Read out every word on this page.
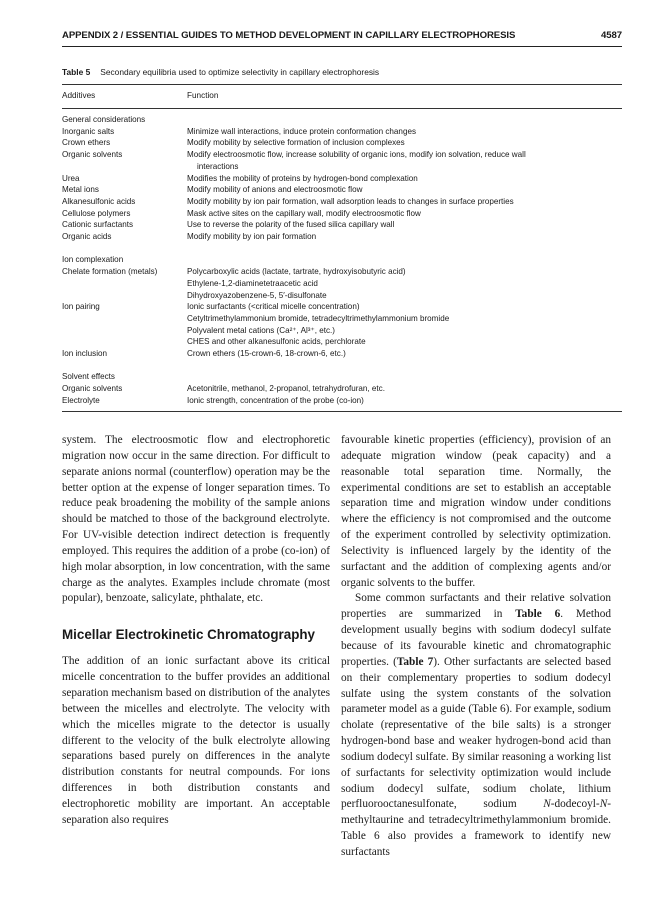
APPENDIX 2 / ESSENTIAL GUIDES TO METHOD DEVELOPMENT IN CAPILLARY ELECTROPHORESIS	4587
Table 5 Secondary equilibria used to optimize selectivity in capillary electrophoresis
Additives	Function
General considerations
Inorganic salts	Minimize wall interactions, induce protein conformation changes
Crown ethers	Modify mobility by selective formation of inclusion complexes
Organic solvents	Modify electroosmotic flow, increase solubility of organic ions, modify ion solvation, reduce wall
interactions
Urea	Modifies the mobility of proteins by hydrogen-bond complexation
Metal ions	Modify mobility of anions and electroosmotic flow
Alkanesulfonic acids	Modify mobility by ion pair formation, wall adsorption leads to changes in surface properties
Cellulose polymers	Mask active sites on the capillary wall, modify electroosmotic flow
Cationic surfactants	Use to reverse the polarity of the fused silica capillary wall
Organic acids	Modify mobility by ion pair formation
Ion complexation
Chelate formation (metals)	Polycarboxylic acids (lactate, tartrate, hydroxyisobutyric acid)
Ethylene-1,2-diaminetetraacetic acid
Dihydroxyazobenzene-5, 5′-disulfonate
Ion pairing	Ionic surfactants (<critical micelle concentration)
Cetyltrimethylammonium bromide, tetradecyltrimethylammonium bromide
Polyvalent metal cations (Ca²⁺, Al³⁺, etc.)
CHES and other alkanesulfonic acids, perchlorate
Ion inclusion	Crown ethers (15-crown-6, 18-crown-6, etc.)
Solvent effects
Organic solvents	Acetonitrile, methanol, 2-propanol, tetrahydrofuran, etc.
Electrolyte	Ionic strength, concentration of the probe (co-ion)

system. The electroosmotic flow and electrophoretic migration now occur in the same direction. For difficult to separate anions normal (counterflow) operation may be the better option at the expense of longer separation times. To reduce peak broadening the mobility of the sample anions should be matched to those of the background electrolyte. For UV-visible detection indirect detection is frequently employed. This requires the addition of a probe (co-ion) of high molar absorption, in low concentration, with the same charge as the analytes. Examples include chromate (most popular), benzoate, salicylate, phthalate, etc.

Micellar Electrokinetic Chromatography

The addition of an ionic surfactant above its critical micelle concentration to the buffer provides an additional separation mechanism based on distribution of the analytes between the micelles and electrolyte. The velocity with which the micelles migrate to the detector is usually different to the velocity of the bulk electrolyte allowing separations based purely on differences in the analyte distribution constants for neutral compounds. For ions differences in both distribution constants and electrophoretic mobility are important. An acceptable separation also requires

favourable kinetic properties (efficiency), provision of an adequate migration window (peak capacity) and a reasonable total separation time. Normally, the experimental conditions are set to establish an acceptable separation time and migration window under conditions where the efficiency is not compromised and the outcome of the experiment controlled by selectivity optimization. Selectivity is influenced largely by the identity of the surfactant and the addition of complexing agents and/or organic solvents to the buffer.

Some common surfactants and their relative solvation properties are summarized in Table 6. Method development usually begins with sodium dodecyl sulfate because of its favourable kinetic and chromatographic properties. (Table 7). Other surfactants are selected based on their complementary properties to sodium dodecyl sulfate using the system constants of the solvation parameter model as a guide (Table 6). For example, sodium cholate (representative of the bile salts) is a stronger hydrogen-bond base and weaker hydrogen-bond acid than sodium dodecyl sulfate. By similar reasoning a working list of surfactants for selectivity optimization would include sodium dodecyl sulfate, sodium cholate, lithium perfluorooctanesulfonate, sodium N-dodecoyl-N-methyltaurine and tetradecyltrimethylammonium bromide. Table 6 also provides a framework to identify new surfactants
